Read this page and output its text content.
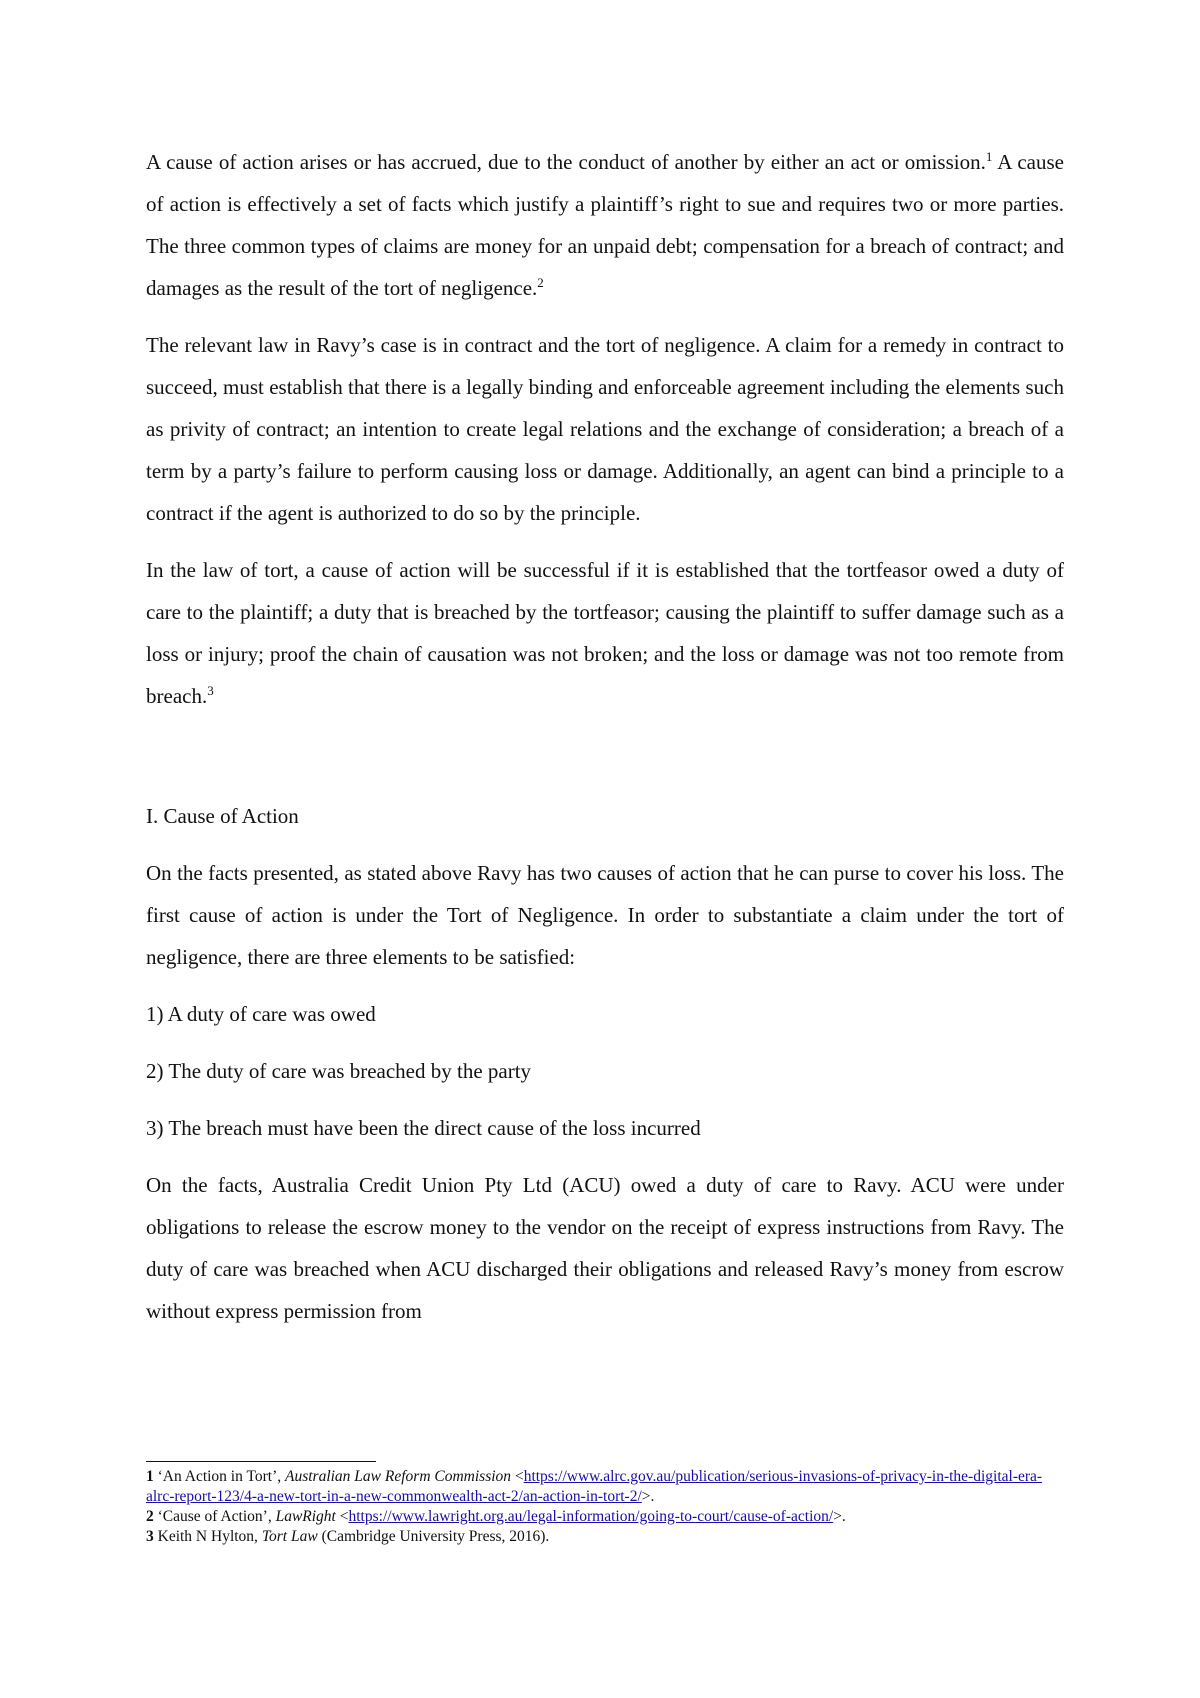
A cause of action arises or has accrued, due to the conduct of another by either an act or omission.$^1$ A cause of action is effectively a set of facts which justify a plaintiff’s right to sue and requires two or more parties. The three common types of claims are money for an unpaid debt; compensation for a breach of contract; and damages as the result of the tort of negligence.$^2$

The relevant law in Ravy’s case is in contract and the tort of negligence. A claim for a remedy in contract to succeed, must establish that there is a legally binding and enforceable agreement including the elements such as privity of contract; an intention to create legal relations and the exchange of consideration; a breach of a term by a party’s failure to perform causing loss or damage. Additionally, an agent can bind a principle to a contract if the agent is authorized to do so by the principle.

In the law of tort, a cause of action will be successful if it is established that the tortfeasor owed a duty of care to the plaintiff; a duty that is breached by the tortfeasor; causing the plaintiff to suffer damage such as a loss or injury; proof the chain of causation was not broken; and the loss or damage was not too remote from breach.$^3$

I. Cause of Action

On the facts presented, as stated above Ravy has two causes of action that he can purse to cover his loss. The first cause of action is under the Tort of Negligence. In order to substantiate a claim under the tort of negligence, there are three elements to be satisfied:

1) A duty of care was owed

2) The duty of care was breached by the party

3) The breach must have been the direct cause of the loss incurred

On the facts, Australia Credit Union Pty Ltd (ACU) owed a duty of care to Ravy. ACU were under obligations to release the escrow money to the vendor on the receipt of express instructions from Ravy. The duty of care was breached when ACU discharged their obligations and released Ravy’s money from escrow without express permission from

1 ‘An Action in Tort’, Australian Law Reform Commission <https://www.alrc.gov.au/publication/serious-invasions-of-privacy-in-the-digital-era-alrc-report-123/4-a-new-tort-in-a-new-commonwealth-act-2/an-action-in-tort-2/>.

2 ‘Cause of Action’, LawRight <https://www.lawright.org.au/legal-information/going-to-court/cause-of-action/>.

3 Keith N Hylton, Tort Law (Cambridge University Press, 2016).
